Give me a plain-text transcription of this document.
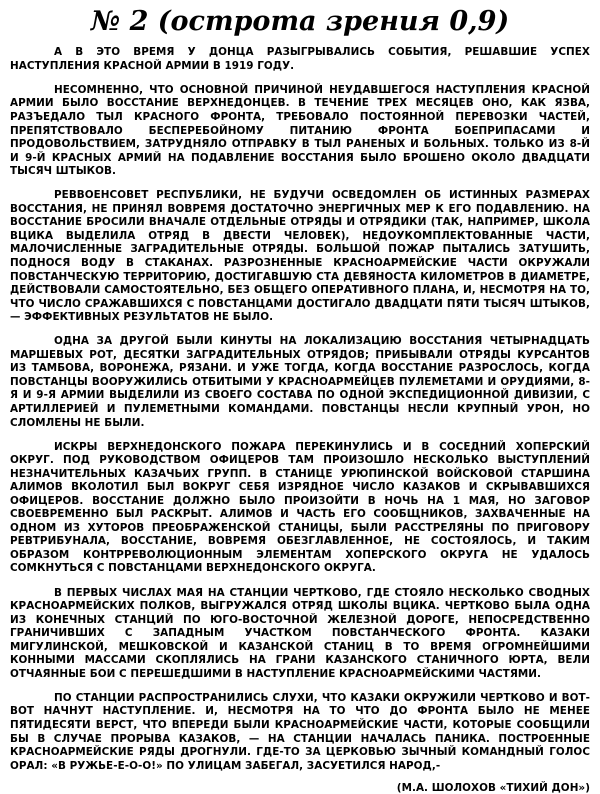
№ 2 (острота зрения 0,9)

А В ЭТО ВРЕМЯ У ДОНЦА РАЗЫГРЫВАЛИСЬ СОБЫТИЯ, РЕШАВШИЕ УСПЕХ НАСТУПЛЕНИЯ КРАСНОЙ АРМИИ В 1919 ГОДУ.

НЕСОМНЕННО, ЧТО ОСНОВНОЙ ПРИЧИНОЙ НЕУДАВШЕГОСЯ НАСТУПЛЕНИЯ КРАСНОЙ АРМИИ БЫЛО ВОССТАНИЕ ВЕРХНЕДОНЦЕВ. В ТЕЧЕНИЕ ТРЕХ МЕСЯЦЕВ ОНО, КАК ЯЗВА, РАЗЪЕДАЛО ТЫЛ КРАСНОГО ФРОНТА, ТРЕБОВАЛО ПОСТОЯННОЙ ПЕРЕВОЗКИ ЧАСТЕЙ, ПРЕПЯТСТВОВАЛО БЕСПЕРЕБОЙНОМУ ПИТАНИЮ ФРОНТА БОЕПРИПАСАМИ И ПРОДОВОЛЬСТВИЕМ, ЗАТРУДНЯЛО ОТПРАВКУ В ТЫЛ РАНЕНЫХ И БОЛЬНЫХ. ТОЛЬКО ИЗ 8-Й И 9-Й КРАСНЫХ АРМИЙ НА ПОДАВЛЕНИЕ ВОССТАНИЯ БЫЛО БРОШЕНО ОКОЛО ДВАДЦАТИ ТЫСЯЧ ШТЫКОВ.

РЕВВОЕНСОВЕТ РЕСПУБЛИКИ, НЕ БУДУЧИ ОСВЕДОМЛЕН ОБ ИСТИННЫХ РАЗМЕРАХ ВОССТАНИЯ, НЕ ПРИНЯЛ ВОВРЕМЯ ДОСТАТОЧНО ЭНЕРГИЧНЫХ МЕР К ЕГО ПОДАВЛЕНИЮ. НА ВОССТАНИЕ БРОСИЛИ ВНАЧАЛЕ ОТДЕЛЬНЫЕ ОТРЯДЫ И ОТРЯДИКИ (ТАК, НАПРИМЕР, ШКОЛА ВЦИКА ВЫДЕЛИЛА ОТРЯД В ДВЕСТИ ЧЕЛОВЕК), НЕДОУКОМПЛЕКТОВАННЫЕ ЧАСТИ, МАЛОЧИСЛЕННЫЕ ЗАГРАДИТЕЛЬНЫЕ ОТРЯДЫ. БОЛЬШОЙ ПОЖАР ПЫТАЛИСЬ ЗАТУШИТЬ, ПОДНОСЯ ВОДУ В СТАКАНАХ. РАЗРОЗНЕННЫЕ КРАСНОАРМЕЙСКИЕ ЧАСТИ ОКРУЖАЛИ ПОВСТАНЧЕСКУЮ ТЕРРИТОРИЮ, ДОСТИГАВШУЮ СТА ДЕВЯНОСТА КИЛОМЕТРОВ В ДИАМЕТРЕ, ДЕЙСТВОВАЛИ САМОСТОЯТЕЛЬНО, БЕЗ ОБЩЕГО ОПЕРАТИВНОГО ПЛАНА, И, НЕСМОТРЯ НА ТО, ЧТО ЧИСЛО СРАЖАВШИХСЯ С ПОВСТАНЦАМИ ДОСТИГАЛО ДВАДЦАТИ ПЯТИ ТЫСЯЧ ШТЫКОВ, — ЭФФЕКТИВНЫХ РЕЗУЛЬТАТОВ НЕ БЫЛО.

ОДНА ЗА ДРУГОЙ БЫЛИ КИНУТЫ НА ЛОКАЛИЗАЦИЮ ВОССТАНИЯ ЧЕТЫРНАДЦАТЬ МАРШЕВЫХ РОТ, ДЕСЯТКИ ЗАГРАДИТЕЛЬНЫХ ОТРЯДОВ; ПРИБЫВАЛИ ОТРЯДЫ КУРСАНТОВ ИЗ ТАМБОВА, ВОРОНЕЖА, РЯЗАНИ. И УЖЕ ТОГДА, КОГДА ВОССТАНИЕ РАЗРОСЛОСЬ, КОГДА ПОВСТАНЦЫ ВООРУЖИЛИСЬ ОТБИТЫМИ У КРАСНОАРМЕЙЦЕВ ПУЛЕМЕТАМИ И ОРУДИЯМИ, 8-Я И 9-Я АРМИИ ВЫДЕЛИЛИ ИЗ СВОЕГО СОСТАВА ПО ОДНОЙ ЭКСПЕДИЦИОННОЙ ДИВИЗИИ, С АРТИЛЛЕРИЕЙ И ПУЛЕМЕТНЫМИ КОМАНДАМИ. ПОВСТАНЦЫ НЕСЛИ КРУПНЫЙ УРОН, НО СЛОМЛЕНЫ НЕ БЫЛИ.

ИСКРЫ ВЕРХНЕДОНСКОГО ПОЖАРА ПЕРЕКИНУЛИСЬ И В СОСЕДНИЙ ХОПЕРСКИЙ ОКРУГ. ПОД РУКОВОДСТВОМ ОФИЦЕРОВ ТАМ ПРОИЗОШЛО НЕСКОЛЬКО ВЫСТУПЛЕНИЙ НЕЗНАЧИТЕЛЬНЫХ КАЗАЧЬИХ ГРУПП. В СТАНИЦЕ УРЮПИНСКОЙ ВОЙСКОВОЙ СТАРШИНА АЛИМОВ ВКОЛОТИЛ БЫЛ ВОКРУГ СЕБЯ ИЗРЯДНОЕ ЧИСЛО КАЗАКОВ И СКРЫВАВШИХСЯ ОФИЦЕРОВ. ВОССТАНИЕ ДОЛЖНО БЫЛО ПРОИЗОЙТИ В НОЧЬ НА 1 МАЯ, НО ЗАГОВОР СВОЕВРЕМЕННО БЫЛ РАСКРЫТ. АЛИМОВ И ЧАСТЬ ЕГО СООБЩНИКОВ, ЗАХВАЧЕННЫЕ НА ОДНОМ ИЗ ХУТОРОВ ПРЕОБРАЖЕНСКОЙ СТАНИЦЫ, БЫЛИ РАССТРЕЛЯНЫ ПО ПРИГОВОРУ РЕВТРИБУНАЛА, ВОССТАНИЕ, ВОВРЕМЯ ОБЕЗГЛАВЛЕННОЕ, НЕ СОСТОЯЛОСЬ, И ТАКИМ ОБРАЗОМ КОНТРРЕВОЛЮЦИОННЫМ ЭЛЕМЕНТАМ ХОПЕРСКОГО ОКРУГА НЕ УДАЛОСЬ СОМКНУТЬСЯ С ПОВСТАНЦАМИ ВЕРХНЕДОНСКОГО ОКРУГА.

В ПЕРВЫХ ЧИСЛАХ МАЯ НА СТАНЦИИ ЧЕРТКОВО, ГДЕ СТОЯЛО НЕСКОЛЬКО СВОДНЫХ КРАСНОАРМЕЙСКИХ ПОЛКОВ, ВЫГРУЖАЛСЯ ОТРЯД ШКОЛЫ ВЦИКА. ЧЕРТКОВО БЫЛА ОДНА ИЗ КОНЕЧНЫХ СТАНЦИЙ ПО ЮГО-ВОСТОЧНОЙ ЖЕЛЕЗНОЙ ДОРОГЕ, НЕПОСРЕДСТВЕННО ГРАНИЧИВШИХ С ЗАПАДНЫМ УЧАСТКОМ ПОВСТАНЧЕСКОГО ФРОНТА. КАЗАКИ МИГУЛИНСКОЙ, МЕШКОВСКОЙ И КАЗАНСКОЙ СТАНИЦ В ТО ВРЕМЯ ОГРОМНЕЙШИМИ КОННЫМИ МАССАМИ СКОПЛЯЛИСЬ НА ГРАНИ КАЗАНСКОГО СТАНИЧНОГО ЮРТА, ВЕЛИ ОТЧАЯННЫЕ БОИ С ПЕРЕШЕДШИМИ В НАСТУПЛЕНИЕ КРАСНОАРМЕЙСКИМИ ЧАСТЯМИ.

ПО СТАНЦИИ РАСПРОСТРАНИЛИСЬ СЛУХИ, ЧТО КАЗАКИ ОКРУЖИЛИ ЧЕРТКОВО И ВОТ-ВОТ НАЧНУТ НАСТУПЛЕНИЕ. И, НЕСМОТРЯ НА ТО ЧТО ДО ФРОНТА БЫЛО НЕ МЕНЕЕ ПЯТИДЕСЯТИ ВЕРСТ, ЧТО ВПЕРЕДИ БЫЛИ КРАСНОАРМЕЙСКИЕ ЧАСТИ, КОТОРЫЕ СООБЩИЛИ БЫ В СЛУЧАЕ ПРОРЫВА КАЗАКОВ, — НА СТАНЦИИ НАЧАЛАСЬ ПАНИКА. ПОСТРОЕННЫЕ КРАСНОАРМЕЙСКИЕ РЯДЫ ДРОГНУЛИ. ГДЕ-ТО ЗА ЦЕРКОВЬЮ ЗЫЧНЫЙ КОМАНДНЫЙ ГОЛОС ОРАЛ: «В РУЖЬЕ-Е-О-О!» ПО УЛИЦАМ ЗАБЕГАЛ, ЗАСУЕТИЛСЯ НАРОД,-

(М.А. ШОЛОХОВ «ТИХИЙ ДОН»)
